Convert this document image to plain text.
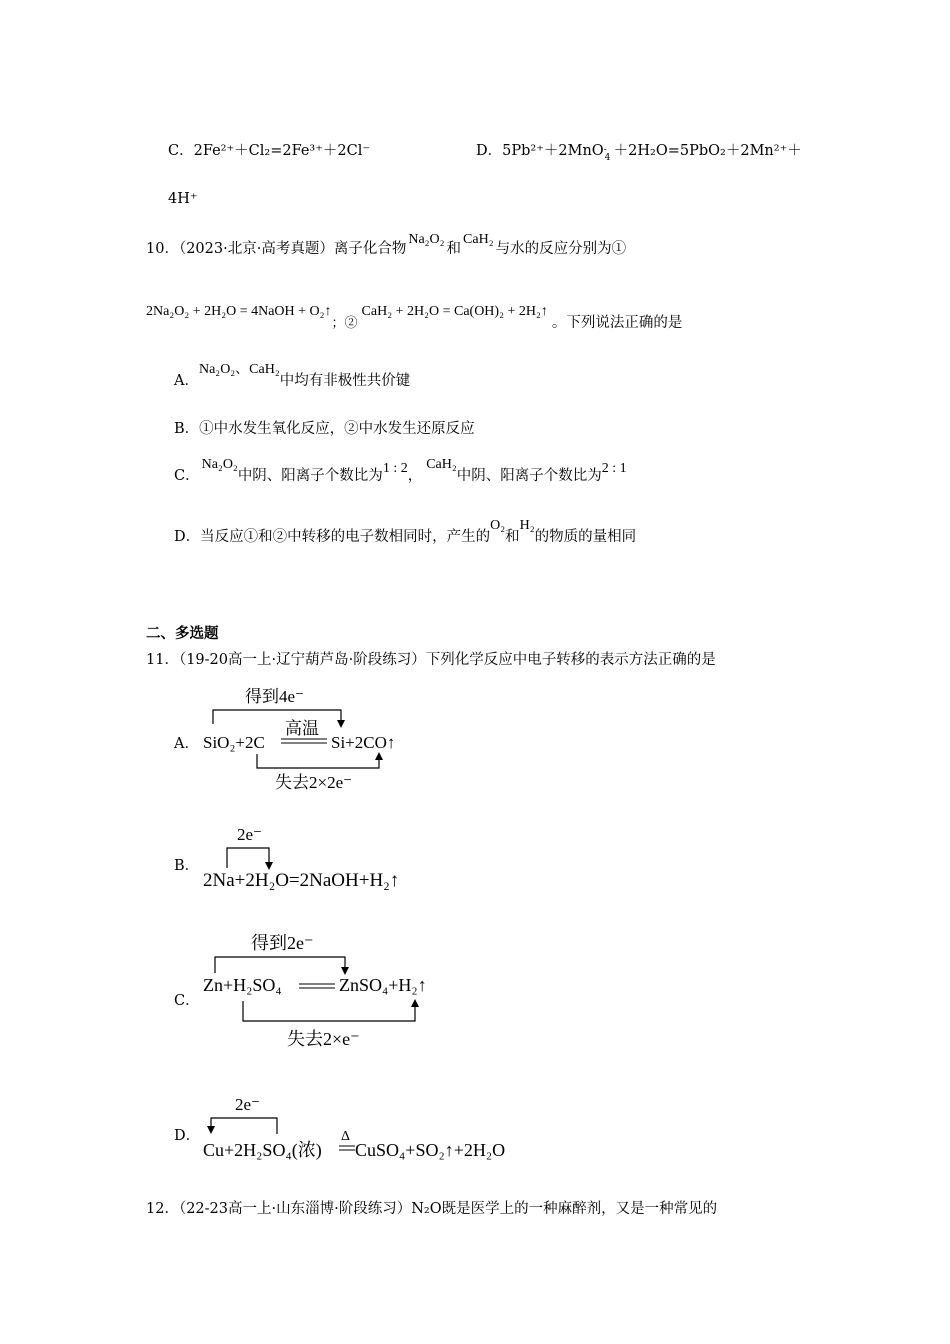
C．2Fe²⁺＋Cl₂=2Fe³⁺＋2Cl⁻	D．5Pb²⁺＋2MnO -
4 ＋2H₂O=5PbO₂＋2Mn²⁺＋
4H⁺
10．（2023·北京·高考真题）离子化合物Na₂O₂和CaH₂与水的反应分别为①
2Na₂O₂ + 2H₂O = 4NaOH + O₂↑；②CaH₂ + 2H₂O = Ca(OH)₂ + 2H₂↑。下列说法正确的是
A．Na₂O₂、CaH₂中均有非极性共价键
B．①中水发生氧化反应，②中水发生还原反应
C．Na₂O₂中阴、阳离子个数比为1 : 2，CaH₂中阴、阳离子个数比为2 : 1
D．当反应①和②中转移的电子数相同时，产生的O₂和H₂的物质的量相同
二、多选题
11．（19-20高一上·辽宁葫芦岛·阶段练习）下列化学反应中电子转移的表示方法正确的是
A．
得到4e⁻
SiO₂+2C
高温
Si+2CO↑
失去2×2e⁻
B．
2e⁻
2Na+2H₂O=2NaOH+H₂↑
C．
得到2e⁻
Zn+H₂SO₄	ZnSO₄+H₂↑
失去2×e⁻
D．
2e⁻
Δ
Cu+2H₂SO₄(浓) CuSO₄+SO₂↑+2H₂O
12．（22-23高一上·山东淄博·阶段练习）N₂O既是医学上的一种麻醉剂，又是一种常见的
